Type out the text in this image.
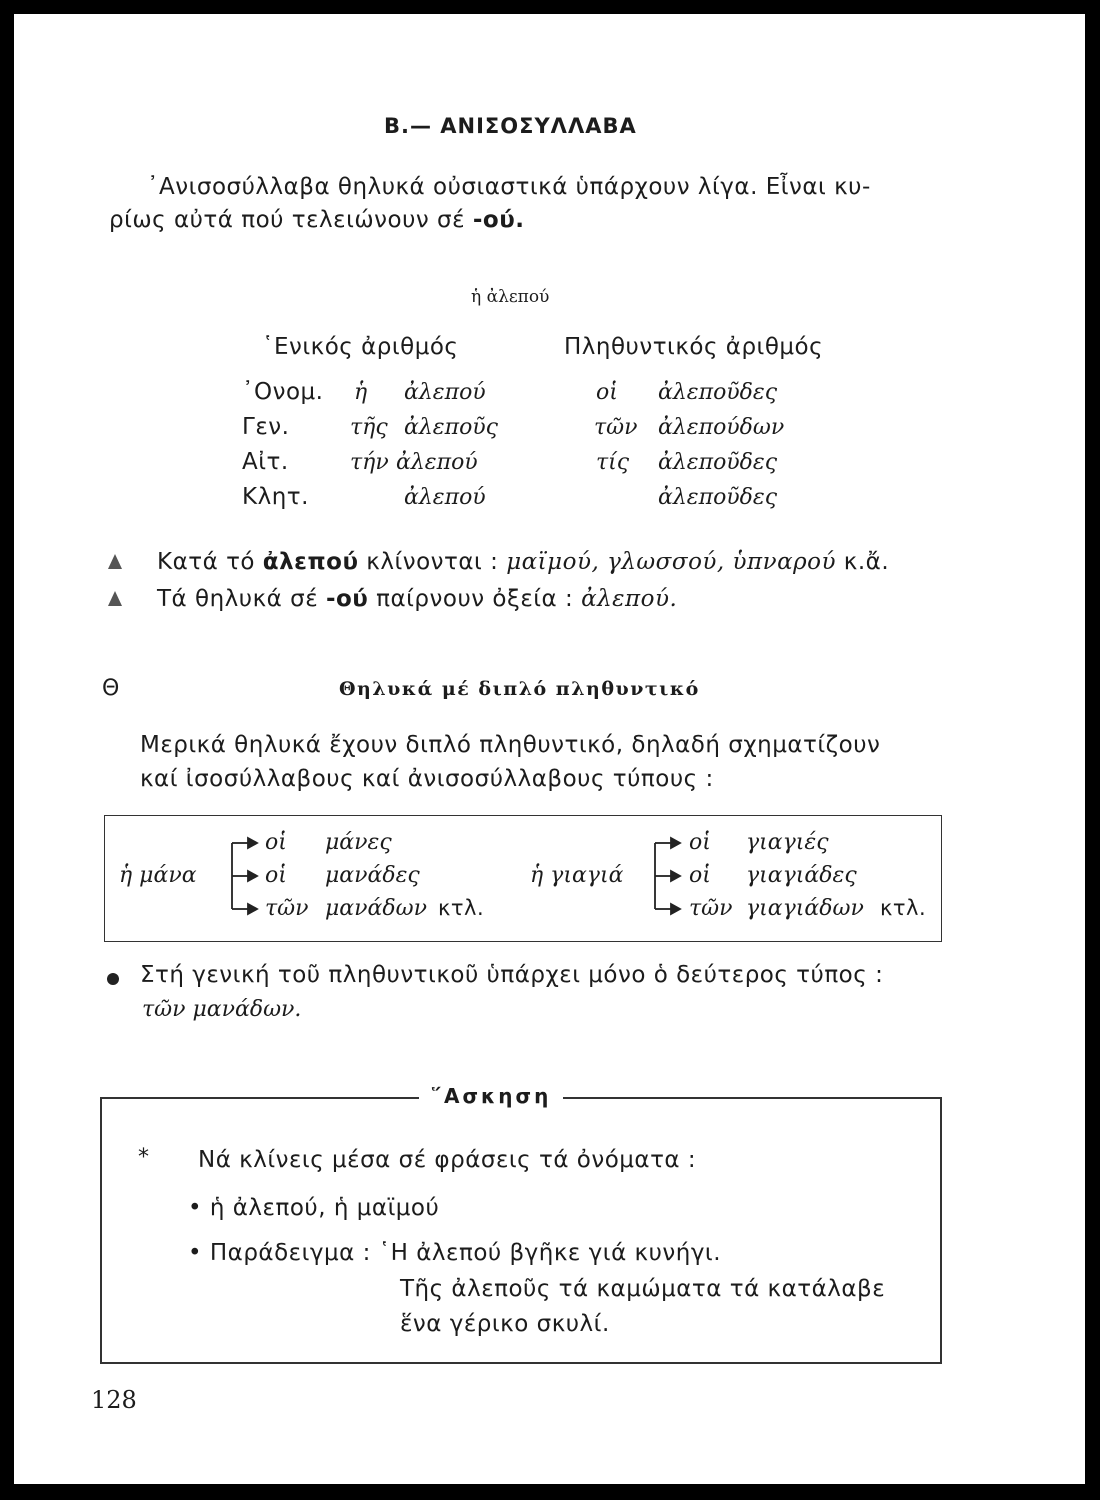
B.— ΑΝΙΣΟΣΥΛΛΑΒΑ
᾿Ανισοσύλλαβα θηλυκά οὐσιαστικά ὑπάρχουν λίγα. Εἶναι κυ-
ρίως αὐτά πού τελειώνουν σέ -ού.
ἡ ἀλεπού
῾Ενικός ἀριθμός	Πληθυντικός ἀριθμός
᾿Ονομ. ἡ ἀλεπού	οἱ ἀλεποῦδες
Γεν.	τῆς ἀλεποῦς	τῶν ἀλεπούδων
Αἰτ.	τήν ἀλεπού	τίς ἀλεποῦδες
Κλητ.	ἀλεπού	ἀλεποῦδες
Κατά τό ἀλεπού κλίνονται : μαϊμού, γλωσσού, ὑπναρού κ.ἄ.
Τά θηλυκά σέ -ού παίρνουν ὀξεία : ἀλεπού.
Θ	Θηλυκά μέ διπλό πληθυντικό
Μερικά θηλυκά ἔχουν διπλό πληθυντικό, δηλαδή σχηματίζουν
καί ἰσοσύλλαβους καί ἀνισοσύλλαβους τύπους :
ἡ μάνα
οἱ μάνες
οἱ μανάδες
τῶν μανάδων κτλ.
ἡ γιαγιά
οἱ γιαγιές
οἱ γιαγιάδες
τῶν γιαγιάδων κτλ.
Στή γενική τοῦ πληθυντικοῦ ὑπάρχει μόνο ὁ δεύτερος τύπος :
τῶν μανάδων.
῞Ασκηση
* Νά κλίνεις μέσα σέ φράσεις τά ὀνόματα :
• ἡ ἀλεπού, ἡ μαϊμού
• Παράδειγμα : ῾Η ἀλεπού βγῆκε γιά κυνήγι.
Τῆς ἀλεποῦς τά καμώματα τά κατάλαβε
ἕνα γέρικο σκυλί.
128
